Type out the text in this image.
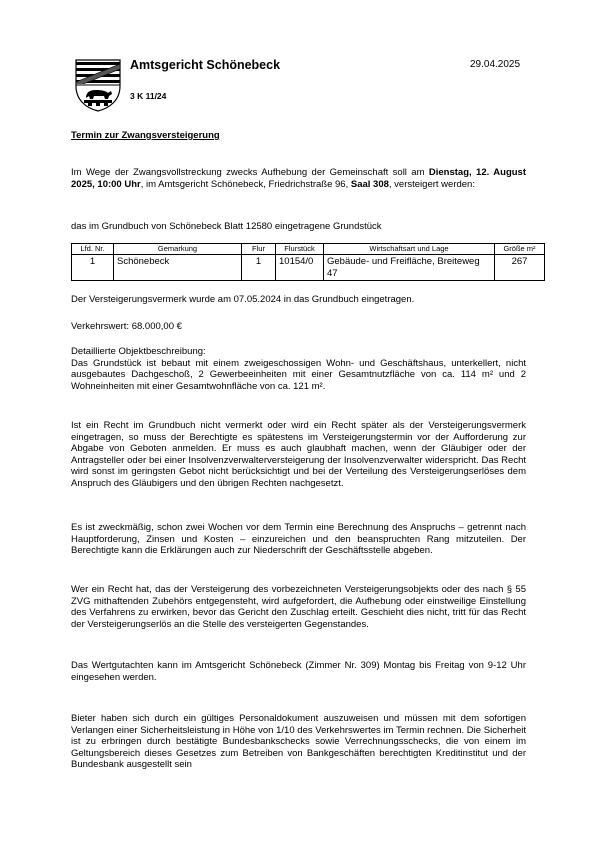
Amtsgericht Schönebeck	29.04.2025
3 K 11/24
Termin zur Zwangsversteigerung
Im Wege der Zwangsvollstreckung zwecks Aufhebung der Gemeinschaft soll am Dienstag, 12. August 2025, 10:00 Uhr, im Amtsgericht Schönebeck, Friedrichstraße 96, Saal 308, versteigert werden:
das im Grundbuch von Schönebeck Blatt 12580 eingetragene Grundstück
Lfd. Nr.	Gemarkung	Flur	Flurstück	Wirtschaftsart und Lage	Größe m²
1	Schönebeck	1	10154/0	Gebäude- und Freifläche, Breiteweg 47	267
Der Versteigerungsvermerk wurde am 07.05.2024 in das Grundbuch eingetragen.
Verkehrswert: 68.000,00 €
Detaillierte Objektbeschreibung:
Das Grundstück ist bebaut mit einem zweigeschossigen Wohn- und Geschäftshaus, unterkellert, nicht ausgebautes Dachgeschoß, 2 Gewerbeeinheiten mit einer Gesamtnutzfläche von ca. 114 m² und 2 Wohneinheiten mit einer Gesamtwohnfläche von ca. 121 m².
Ist ein Recht im Grundbuch nicht vermerkt oder wird ein Recht später als der Versteigerungsvermerk eingetragen, so muss der Berechtigte es spätestens im Versteigerungstermin vor der Aufforderung zur Abgabe von Geboten anmelden. Er muss es auch glaubhaft machen, wenn der Gläubiger oder der Antragsteller oder bei einer Insolvenzverwalterversteigerung der Insolvenzverwalter widerspricht. Das Recht wird sonst im geringsten Gebot nicht berücksichtigt und bei der Verteilung des Versteigerungserlöses dem Anspruch des Gläubigers und den übrigen Rechten nachgesetzt.
Es ist zweckmäßig, schon zwei Wochen vor dem Termin eine Berechnung des Anspruchs – getrennt nach Hauptforderung, Zinsen und Kosten – einzureichen und den beanspruchten Rang mitzuteilen. Der Berechtigte kann die Erklärungen auch zur Niederschrift der Geschäftsstelle abgeben.
Wer ein Recht hat, das der Versteigerung des vorbezeichneten Versteigerungsobjekts oder des nach § 55 ZVG mithaftenden Zubehörs entgegensteht, wird aufgefordert, die Aufhebung oder einstweilige Einstellung des Verfahrens zu erwirken, bevor das Gericht den Zuschlag erteilt. Geschieht dies nicht, tritt für das Recht der Versteigerungserlös an die Stelle des versteigerten Gegenstandes.
Das Wertgutachten kann im Amtsgericht Schönebeck (Zimmer Nr. 309) Montag bis Freitag von 9-12 Uhr eingesehen werden.
Bieter haben sich durch ein gültiges Personaldokument auszuweisen und müssen mit dem sofortigen Verlangen einer Sicherheitsleistung in Höhe von 1/10 des Verkehrswertes im Termin rechnen. Die Sicherheit ist zu erbringen durch bestätigte Bundesbankschecks sowie Verrechnungsschecks, die von einem im Geltungsbereich dieses Gesetzes zum Betreiben von Bankgeschäften berechtigten Kreditinstitut und der Bundesbank ausgestellt sein
